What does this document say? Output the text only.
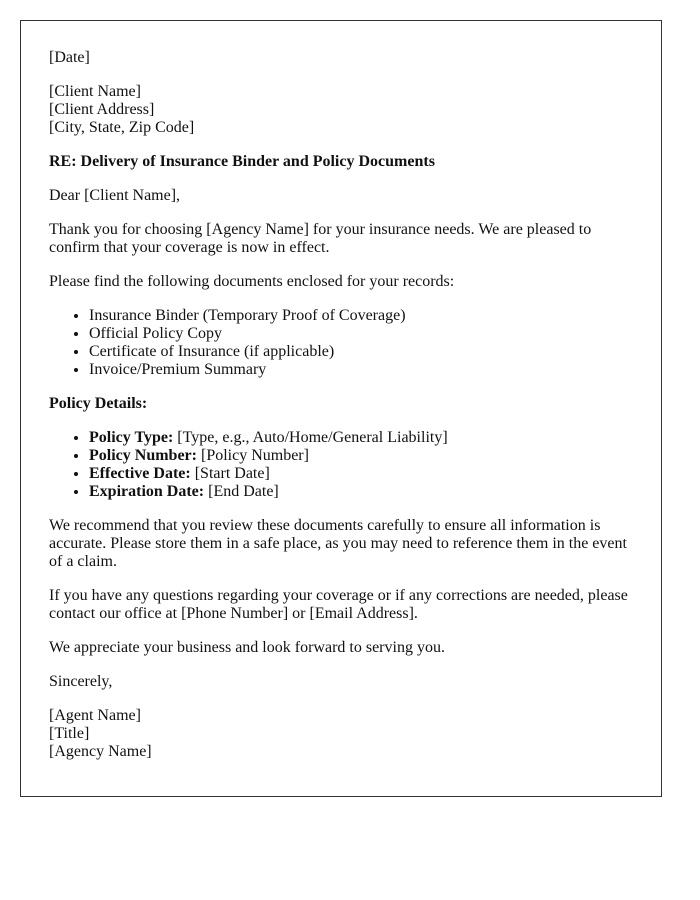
[Date]

[Client Name]
[Client Address]
[City, State, Zip Code]

RE: Delivery of Insurance Binder and Policy Documents

Dear [Client Name],

Thank you for choosing [Agency Name] for your insurance needs. We are pleased to confirm that your coverage is now in effect.

Please find the following documents enclosed for your records:

• Insurance Binder (Temporary Proof of Coverage)
• Official Policy Copy
• Certificate of Insurance (if applicable)
• Invoice/Premium Summary

Policy Details:

• Policy Type: [Type, e.g., Auto/Home/General Liability]
• Policy Number: [Policy Number]
• Effective Date: [Start Date]
• Expiration Date: [End Date]

We recommend that you review these documents carefully to ensure all information is accurate. Please store them in a safe place, as you may need to reference them in the event of a claim.

If you have any questions regarding your coverage or if any corrections are needed, please contact our office at [Phone Number] or [Email Address].

We appreciate your business and look forward to serving you.

Sincerely,

[Agent Name]
[Title]
[Agency Name]
